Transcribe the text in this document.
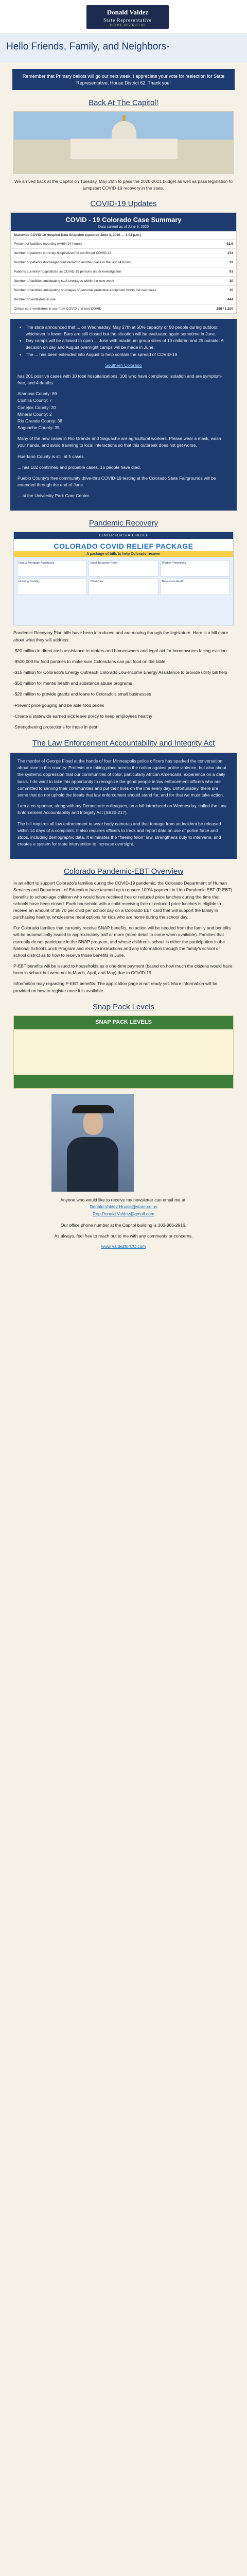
Donald Valdez
State Representative
HOUSE DISTRICT 62
Hello Friends, Family, and Neighbors-
Remember that Primary ballots will go out next week. I appreciate your vote for reelection for State Representative, House District 62. Thank you!
Back At The Capitol!
We arrived back at the Capitol on Tuesday, May 26th to pass the 2020-2021 budget as well as pass legislation to jumpstart COVID-19 recovery in the state.
COVID-19 Updates
COVID - 19 Colorado Case Summary
Data current as of June 3, 2020
Statewide COVID-19 Hospital Data Snapshot (updated June 3, 2020 — 4:04 p.m.)
Percent of facilities reporting (within 24 hours)	93.6
Number of patients currently hospitalized for confirmed COVID-19	274
Number of patients discharged/transferred to another place in the last 24 hours	33
Patients currently hospitalized as COVID-19 persons under investigation	91
Number of facilities anticipating staff shortages within the next week	10
Number of facilities anticipating shortages of personal protective equipment within the next week	15
Number of ventilators in use	444
Critical care ventilators in use from COVID and non-COVID	298 / 1,100
• The state announced that ... on Wednesday, May 27th at 50% capacity or 50 people during outdoor, whichever is fewer. Bars are still closed but the situation will be evaluated again sometime in June.
• Day camps will be allowed to open ... June with maximum group sizes of 10 children and 25 outside. A decision on day and August overnight camps will be made in June.
• The ... has been extended into August to help contain the spread of COVID-19.

Southern Colorado

has 201 positive cases with 18 total hospitalizations. 100 who have completed isolation and are symptom-free, and 4 deaths.

Alamosa County: 89
Costilla County: 7
Conejos County: 20
Mineral County: 2
Rio Grande County: 38
Saguache County: 35

Many of the new cases in Rio Grande and Saguache are agricultural workers. Please wear a mask, wash your hands, and avoid traveling to local interactions so that this outbreak does not get worse.

Huerfano County is still at 5 cases.

... has 102 confirmed and probable cases, 16 people have died.

Pueblo County's free community drive-thru COVID-19 testing at the Colorado State Fairgrounds will be extended through the end of June.

... at the University Park Care Center.

Pandemic Recovery
CENTER FOR STATE RELIEF
COLORADO COVID RELIEF PACKAGE
A package of bills to help Colorado recover
Rent & Mortgage Assistance	Small Business Relief	Worker Protections
Housing Stability	Child Care	Behavioral Health

Pandemic Recovery Plan bills have been introduced and are moving through the legislature. Here is a bill more about what they will address:

-$20 million in direct cash assistance to renters and homeowners and legal aid for homeowners facing eviction

-$500,000 for food pantries to make sure Coloradans can put food on the table

-$15 million for Colorado's Energy Outreach Colorado Low-Income Energy Assistance to provide utility bill help

-$50 million for mental health and substance abuse programs

-$20 million to provide grants and loans to Colorado's small businesses

-Prevent price gouging and be able food prices

-Create a statewide earned sick leave policy to keep employees healthy

-Strengthening protections for those in debt

The Law Enforcement Accountability and Integrity Act

The murder of George Floyd at the hands of four Minneapolis police officers has sparked the conversation about race in this country. Protests are taking place across the nation against police violence, but also about the systemic oppression that our communities of color, particularly African Americans, experience on a daily basis. I do want to take this opportunity to recognize the good people in law enforcement officers who are committed to serving their communities and put their lives on the line every day. Unfortunately, there are some that do not uphold the ideals that law enforcement should stand for, and for that we must take action.

I am a co-sponsor, along with my Democratic colleagues, on a bill introduced on Wednesday, called the Law Enforcement Accountability and Integrity Act (SB20-217).

The bill requires all law enforcement to wear body cameras and that footage from an incident be released within 14 days of a complaint. It also requires officers to track and report data on use of police force and stops, including demographic data. It eliminates the "fleeing felon" law, strengthens duty to intervene, and creates a system for state intervention to increase oversight.

Colorado Pandemic-EBT Overview

In an effort to support Colorado's families during the COVID-19 pandemic, the Colorado Department of Human Services and Department of Education have teamed up to ensure 100% payment in Lieu Pandemic EBT (P-EBT) benefits to school-age children who would have received free or reduced price lunches during the time that schools have been closed. Each household with a child receiving free or reduced price lunches is eligible to receive an amount of $5.70 per child per school day on a Colorado EBT card that will support the family in purchasing healthy, wholesome meal options for kids who are home during the school day.

For Colorado families that currently receive SNAP benefits, no action will be needed from the family and benefits will be automatically issued to approximately half or more (more detail to come when available). Families that currently do not participate in the SNAP program, and whose children's school is either the participation in the National School Lunch Program and receive instructions and any information through the family's school or school district as to how to receive those benefits in June.

P-EBT benefits will be issued to households as a one-time payment (based on how much the citizens would have been in school but were not in March, April, and May) due to COVID-19.

Information may regarding P-EBT benefits: The application page is not ready yet. More information will be provided on how to register once it is available.

Snap Pack Levels
SNAP PACK LEVELS
Anyone who would like to receive my newsletter can email me at:
Donald.Valdez.House@state.co.us
Rep.Donald.Valdez@gmail.com
Our office phone number at the Capitol building is 303-866-2916.
As always, feel free to reach out to me with any comments or concerns.
www.ValdezforCO.com
